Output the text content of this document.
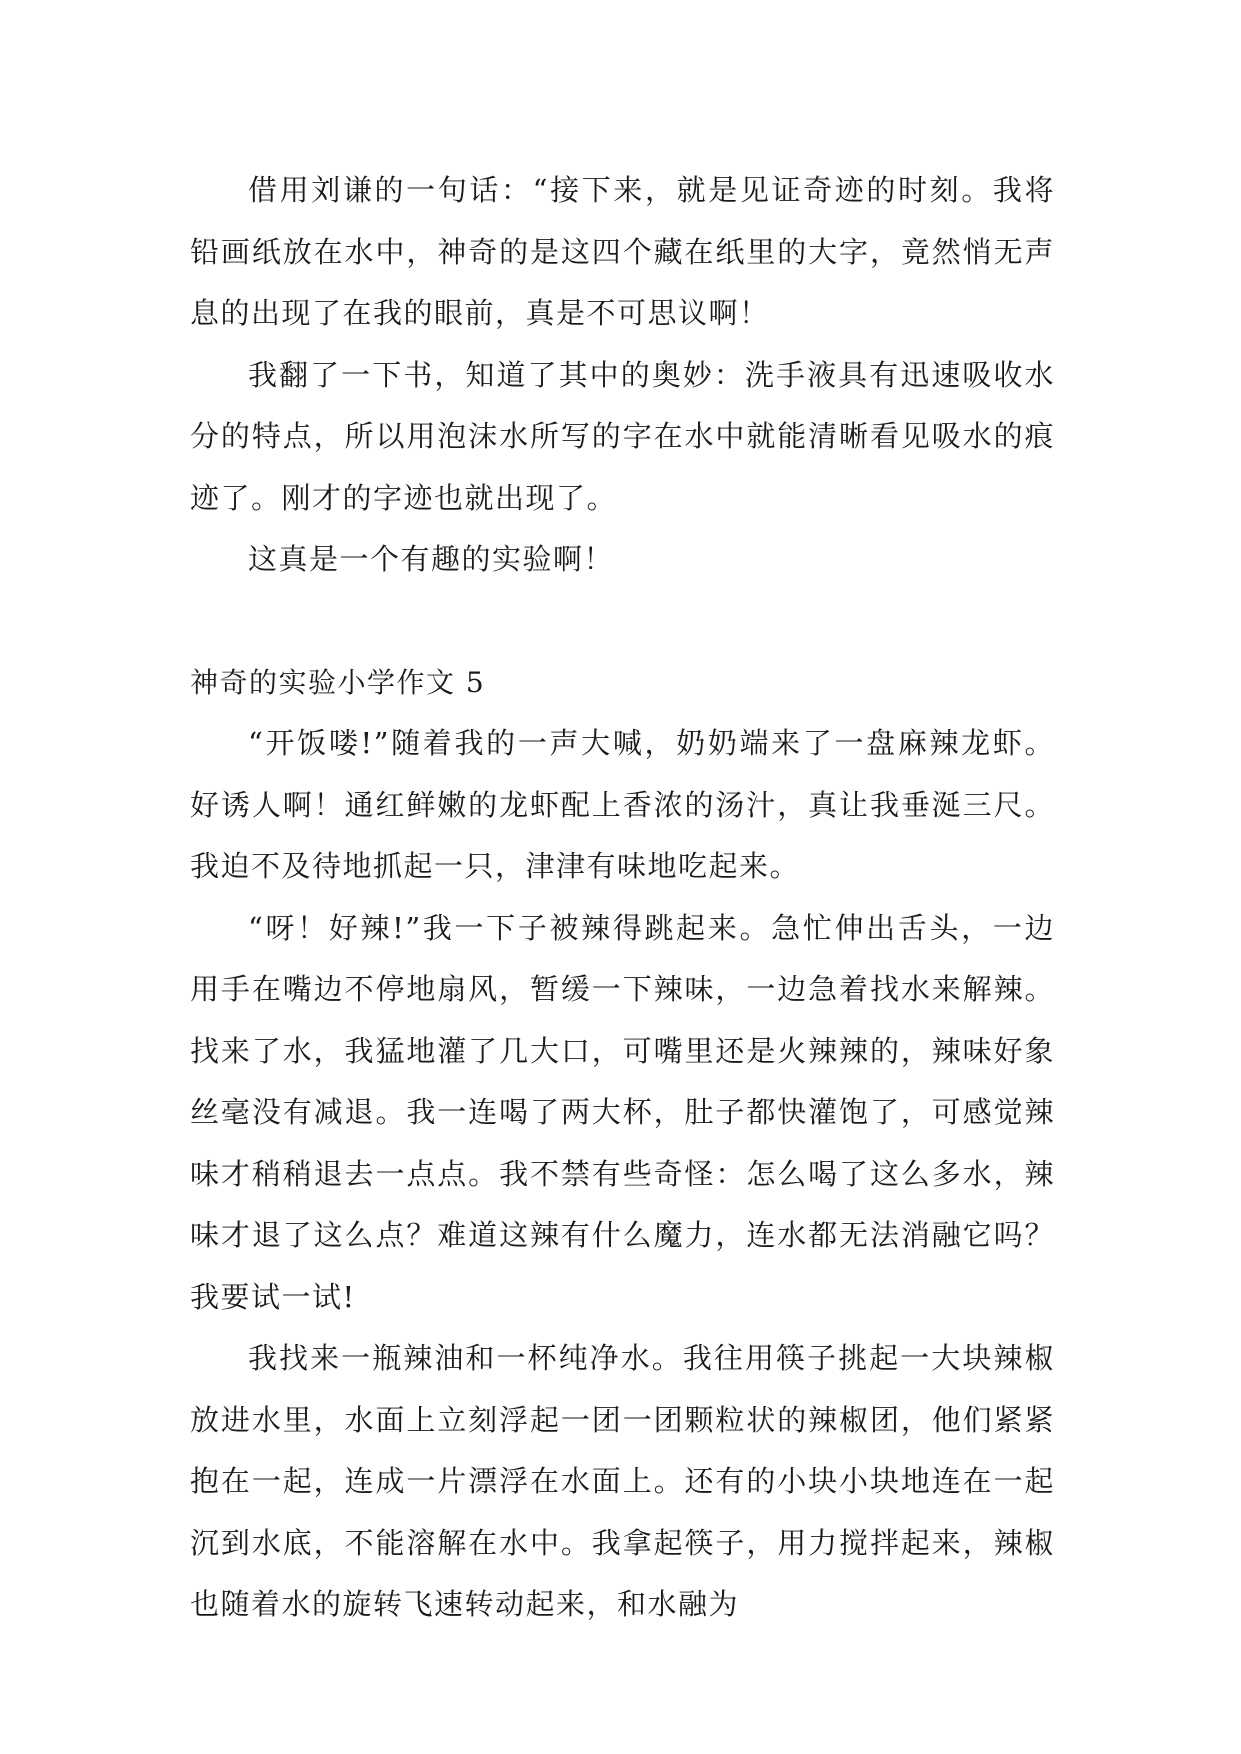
借用刘谦的一句话：“接下来，就是见证奇迹的时刻。我将铅画纸放在水中，神奇的是这四个藏在纸里的大字，竟然悄无声息的出现了在我的眼前，真是不可思议啊！

我翻了一下书，知道了其中的奥妙：洗手液具有迅速吸收水分的特点，所以用泡沫水所写的字在水中就能清晰看见吸水的痕迹了。刚才的字迹也就出现了。

这真是一个有趣的实验啊！

神奇的实验小学作文 5

“开饭喽!”随着我的一声大喊，奶奶端来了一盘麻辣龙虾。好诱人啊！通红鲜嫩的龙虾配上香浓的汤汁，真让我垂涎三尺。我迫不及待地抓起一只，津津有味地吃起来。

“呀！好辣!”我一下子被辣得跳起来。急忙伸出舌头，一边用手在嘴边不停地扇风，暂缓一下辣味，一边急着找水来解辣。找来了水，我猛地灌了几大口，可嘴里还是火辣辣的，辣味好象丝毫没有减退。我一连喝了两大杯，肚子都快灌饱了，可感觉辣味才稍稍退去一点点。我不禁有些奇怪：怎么喝了这么多水，辣味才退了这么点？难道这辣有什么魔力，连水都无法消融它吗？我要试一试!

我找来一瓶辣油和一杯纯净水。我往用筷子挑起一大块辣椒放进水里，水面上立刻浮起一团一团颗粒状的辣椒团，他们紧紧抱在一起，连成一片漂浮在水面上。还有的小块小块地连在一起沉到水底，不能溶解在水中。我拿起筷子，用力搅拌起来，辣椒也随着水的旋转飞速转动起来，和水融为
